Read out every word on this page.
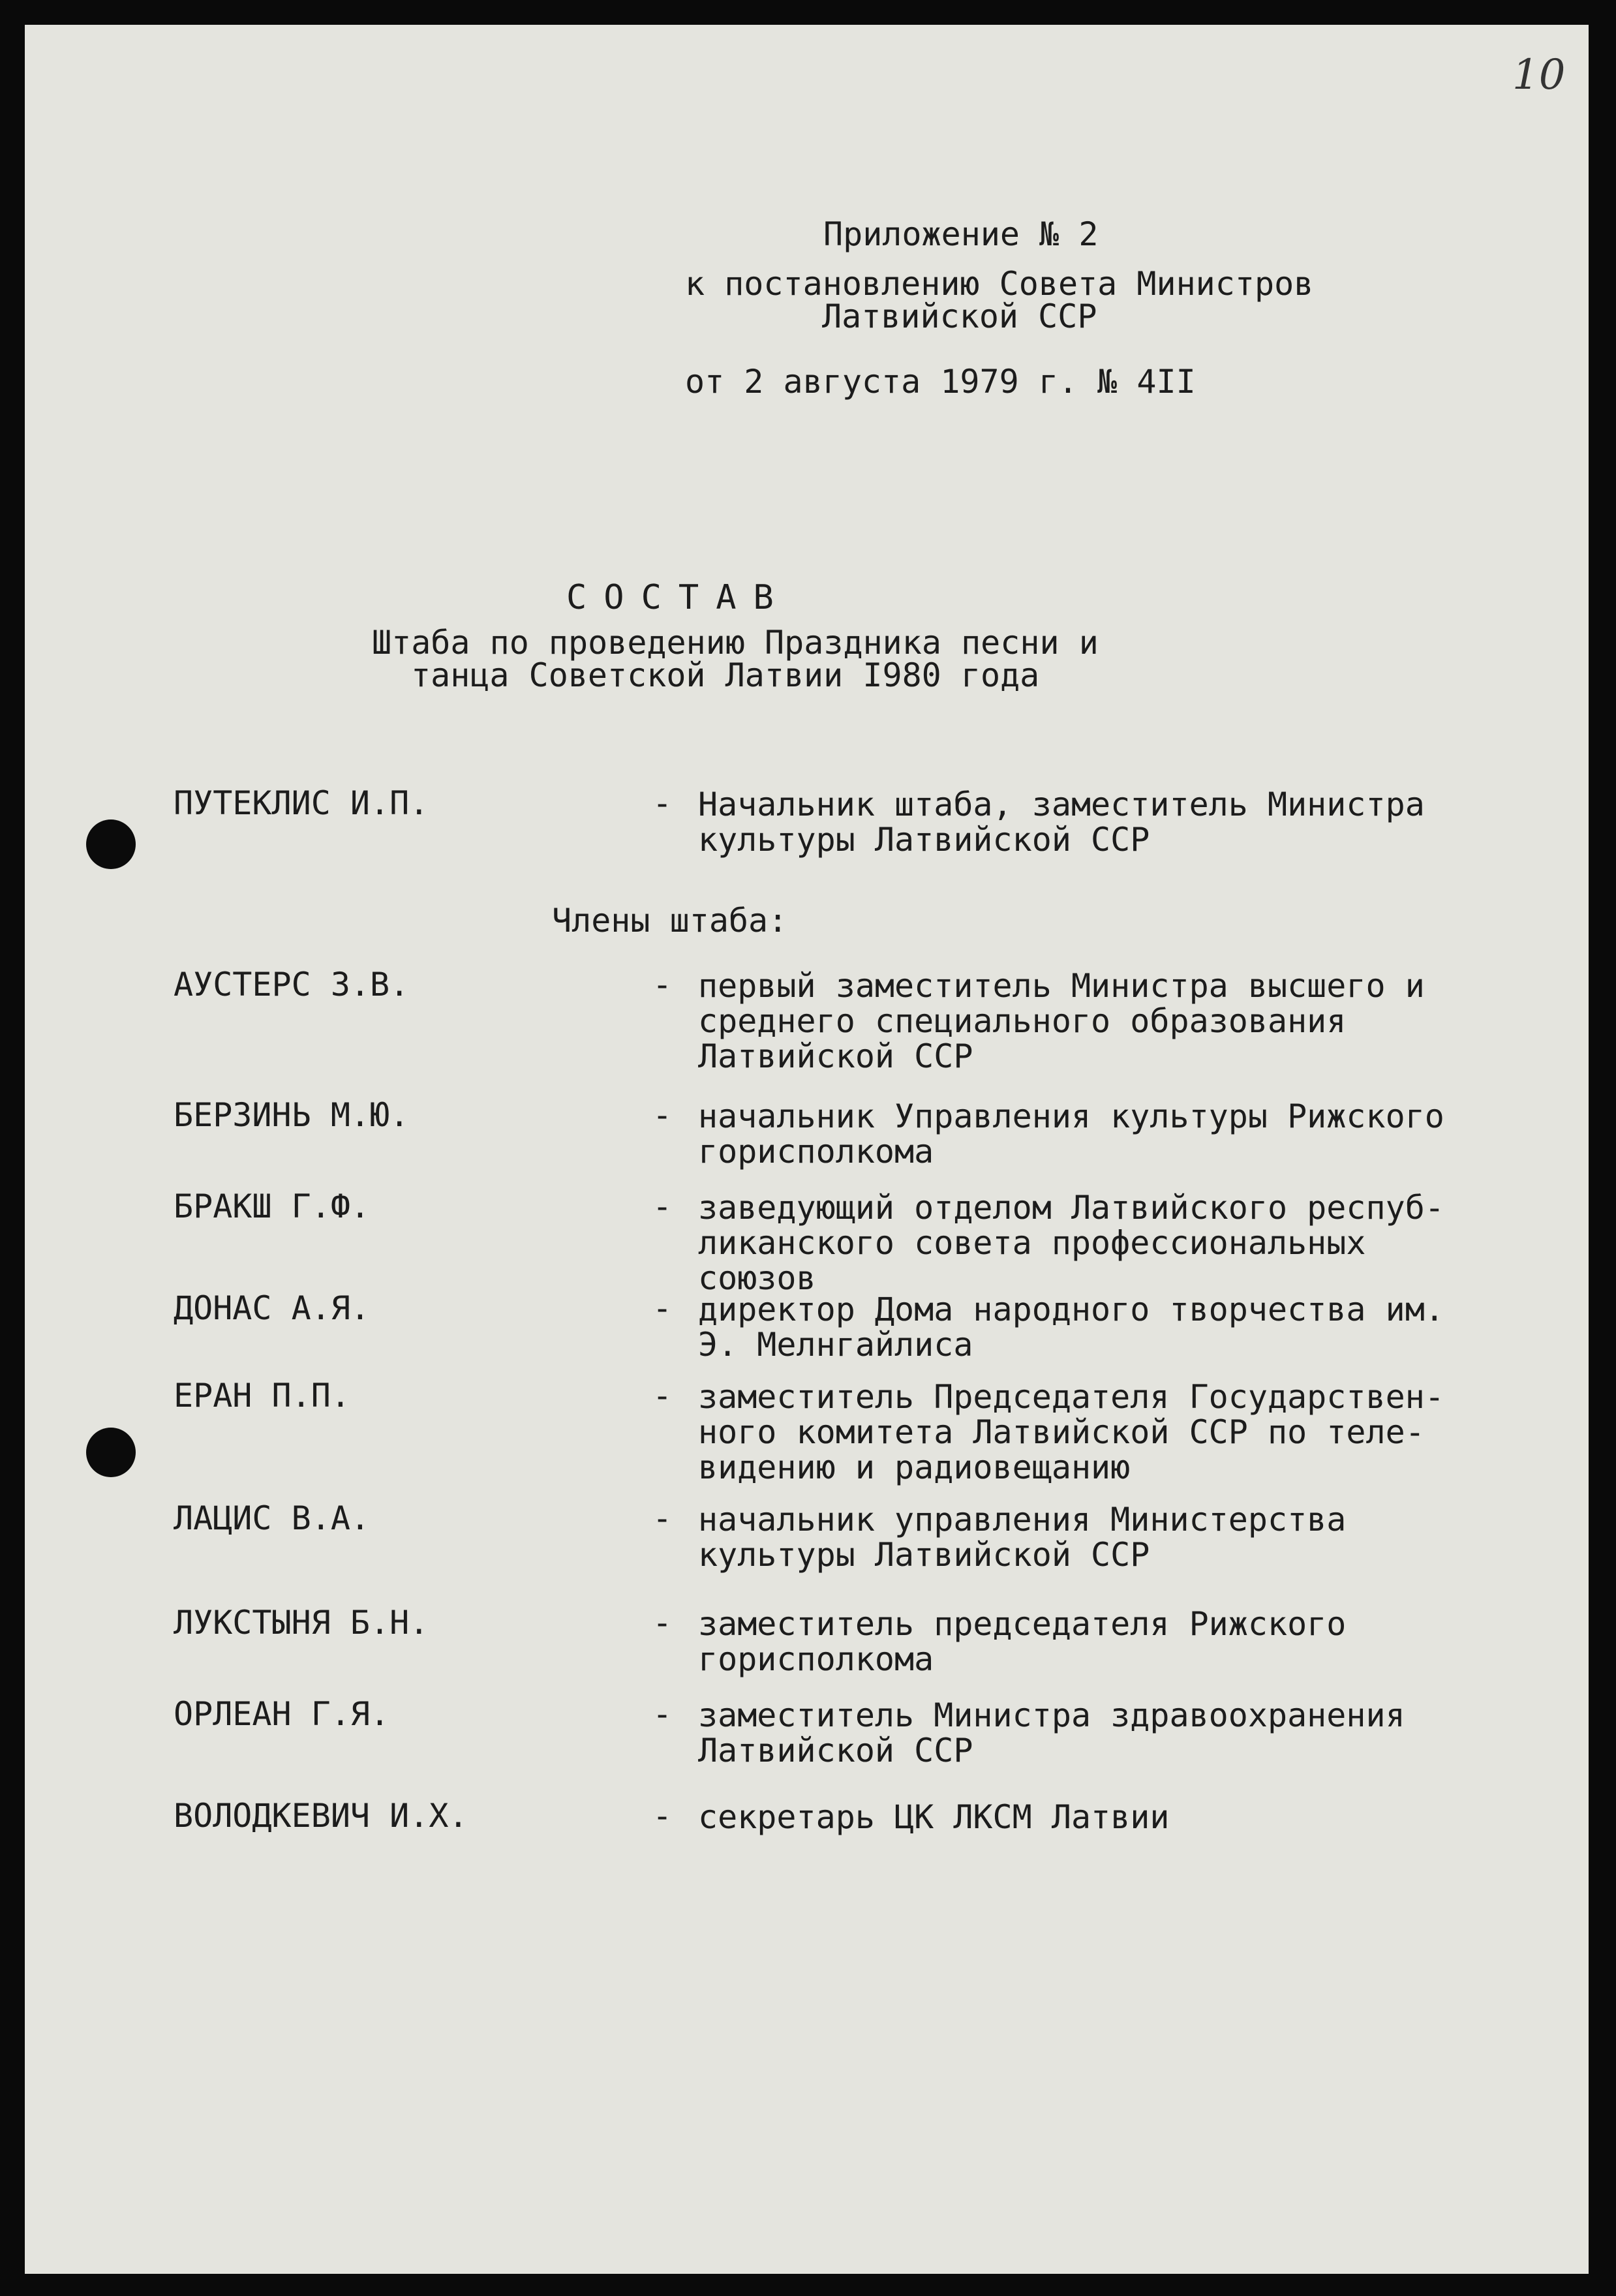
10
Приложение № 2
к постановлению Совета Министров
Латвийской ССР
от 2 августа 1979 г. № 4II
СОСТАВ
Штаба по проведению Праздника песни и
танца Советской Латвии I980 года
ПУТЕКЛИС И.П.	- Начальник штаба, заместитель Министра
культуры Латвийской ССР
Члены штаба:
АУСТЕРС З.В.	- первый заместитель Министра высшего и
среднего специального образования
Латвийской ССР
БЕРЗИНЬ М.Ю.	- начальник Управления культуры Рижского
горисполкома
БРАКШ Г.Ф.	- заведующий отделом Латвийского респуб-
ликанского совета профессиональных
союзов
ДОНАС А.Я.	- директор Дома народного творчества им.
Э. Мелнгайлиса
ЕРАН П.П.	- заместитель Председателя Государствен-
ного комитета Латвийской ССР по теле-
видению и радиовещанию
ЛАЦИС В.А.	- начальник управления Министерства
культуры Латвийской ССР
ЛУКСТЫНЯ Б.Н.	- заместитель председателя Рижского
горисполкома
ОРЛЕАН Г.Я.	- заместитель Министра здравоохранения
Латвийской ССР
ВОЛОДКЕВИЧ И.Х.	- секретарь ЦК ЛКСМ Латвии
